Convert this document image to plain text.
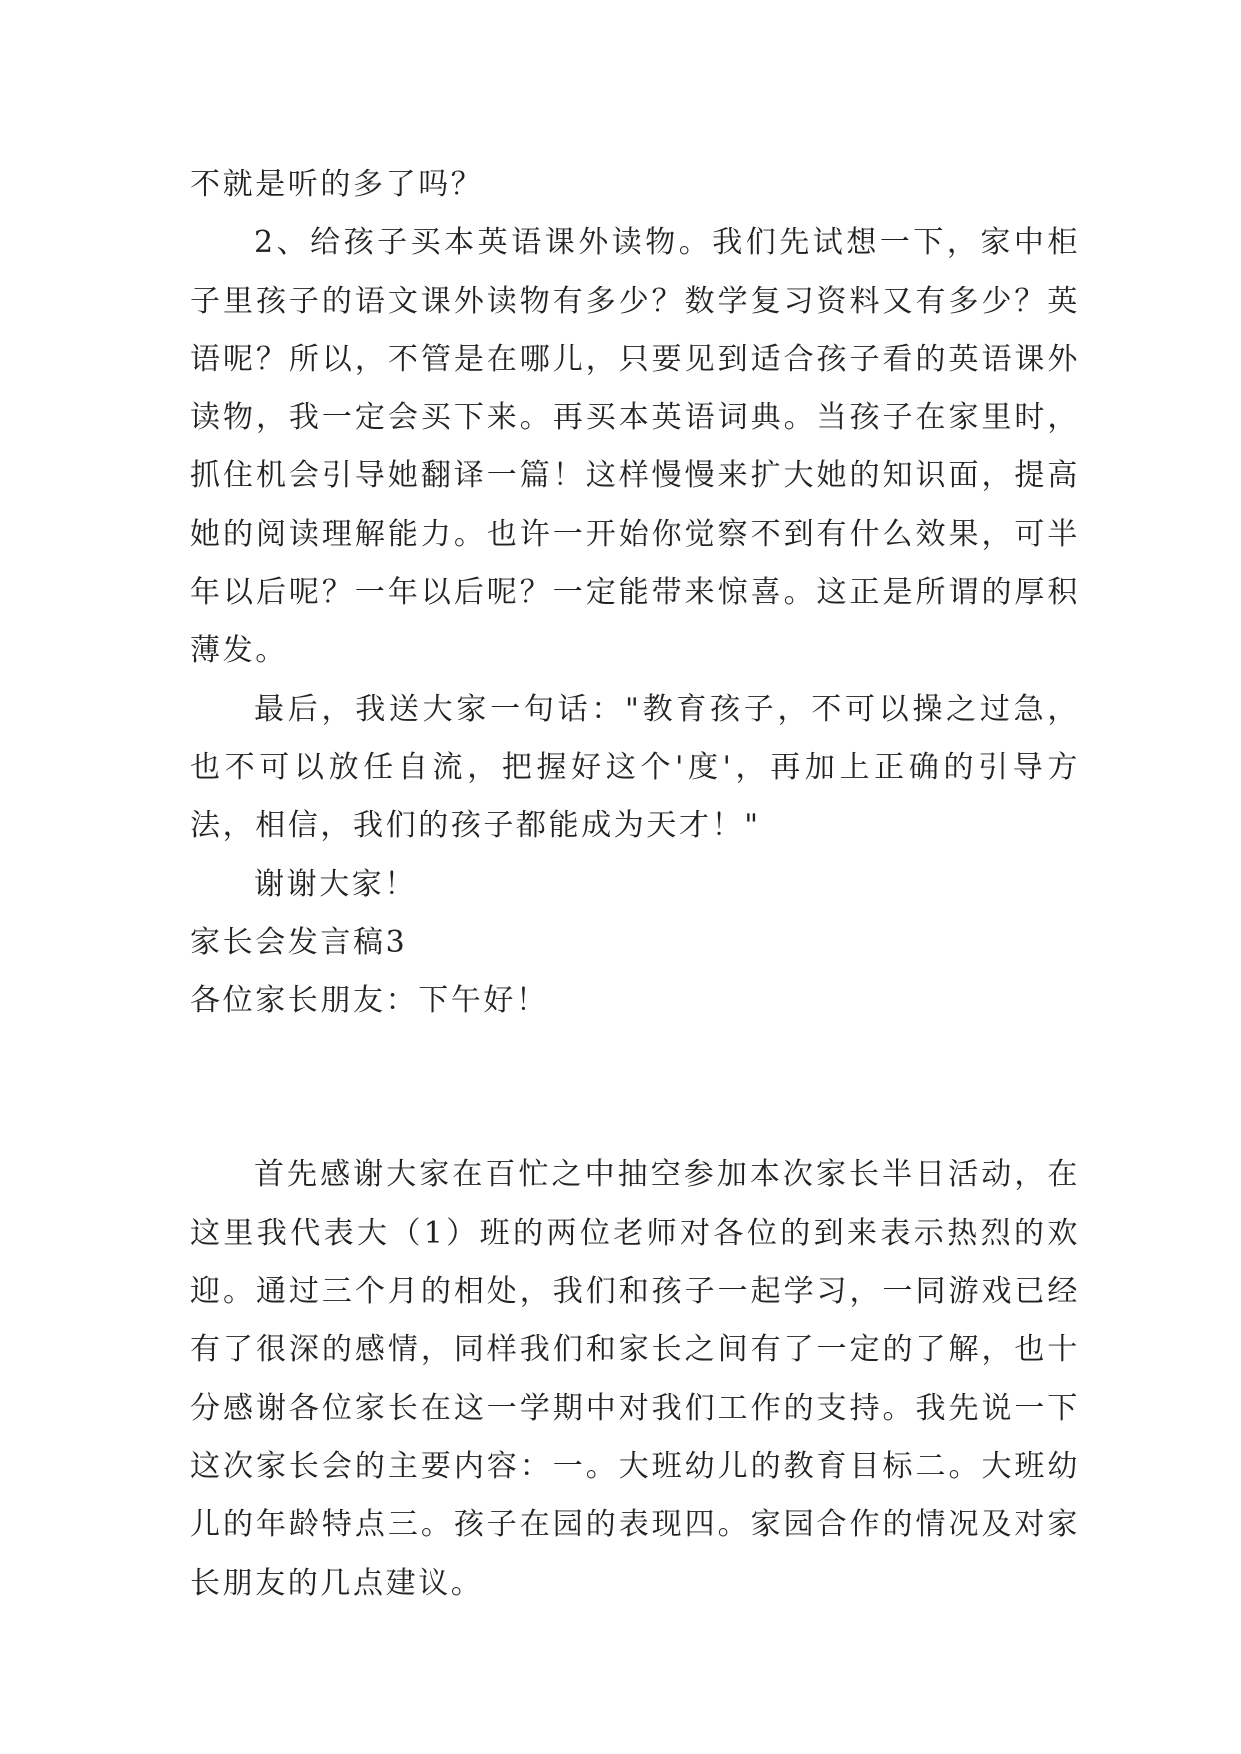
不就是听的多了吗？

2、给孩子买本英语课外读物。我们先试想一下，家中柜子里孩子的语文课外读物有多少？数学复习资料又有多少？英语呢？所以，不管是在哪儿，只要见到适合孩子看的英语课外读物，我一定会买下来。再买本英语词典。当孩子在家里时，抓住机会引导她翻译一篇！这样慢慢来扩大她的知识面，提高她的阅读理解能力。也许一开始你觉察不到有什么效果，可半年以后呢？一年以后呢？一定能带来惊喜。这正是所谓的厚积薄发。

最后，我送大家一句话："教育孩子，不可以操之过急，也不可以放任自流，把握好这个'度'，再加上正确的引导方法，相信，我们的孩子都能成为天才！"

谢谢大家！

家长会发言稿3

各位家长朋友：下午好！

首先感谢大家在百忙之中抽空参加本次家长半日活动，在这里我代表大（1）班的两位老师对各位的到来表示热烈的欢迎。通过三个月的相处，我们和孩子一起学习，一同游戏已经有了很深的感情，同样我们和家长之间有了一定的了解，也十分感谢各位家长在这一学期中对我们工作的支持。我先说一下这次家长会的主要内容：一。大班幼儿的教育目标二。大班幼儿的年龄特点三。孩子在园的表现四。家园合作的情况及对家长朋友的几点建议。
